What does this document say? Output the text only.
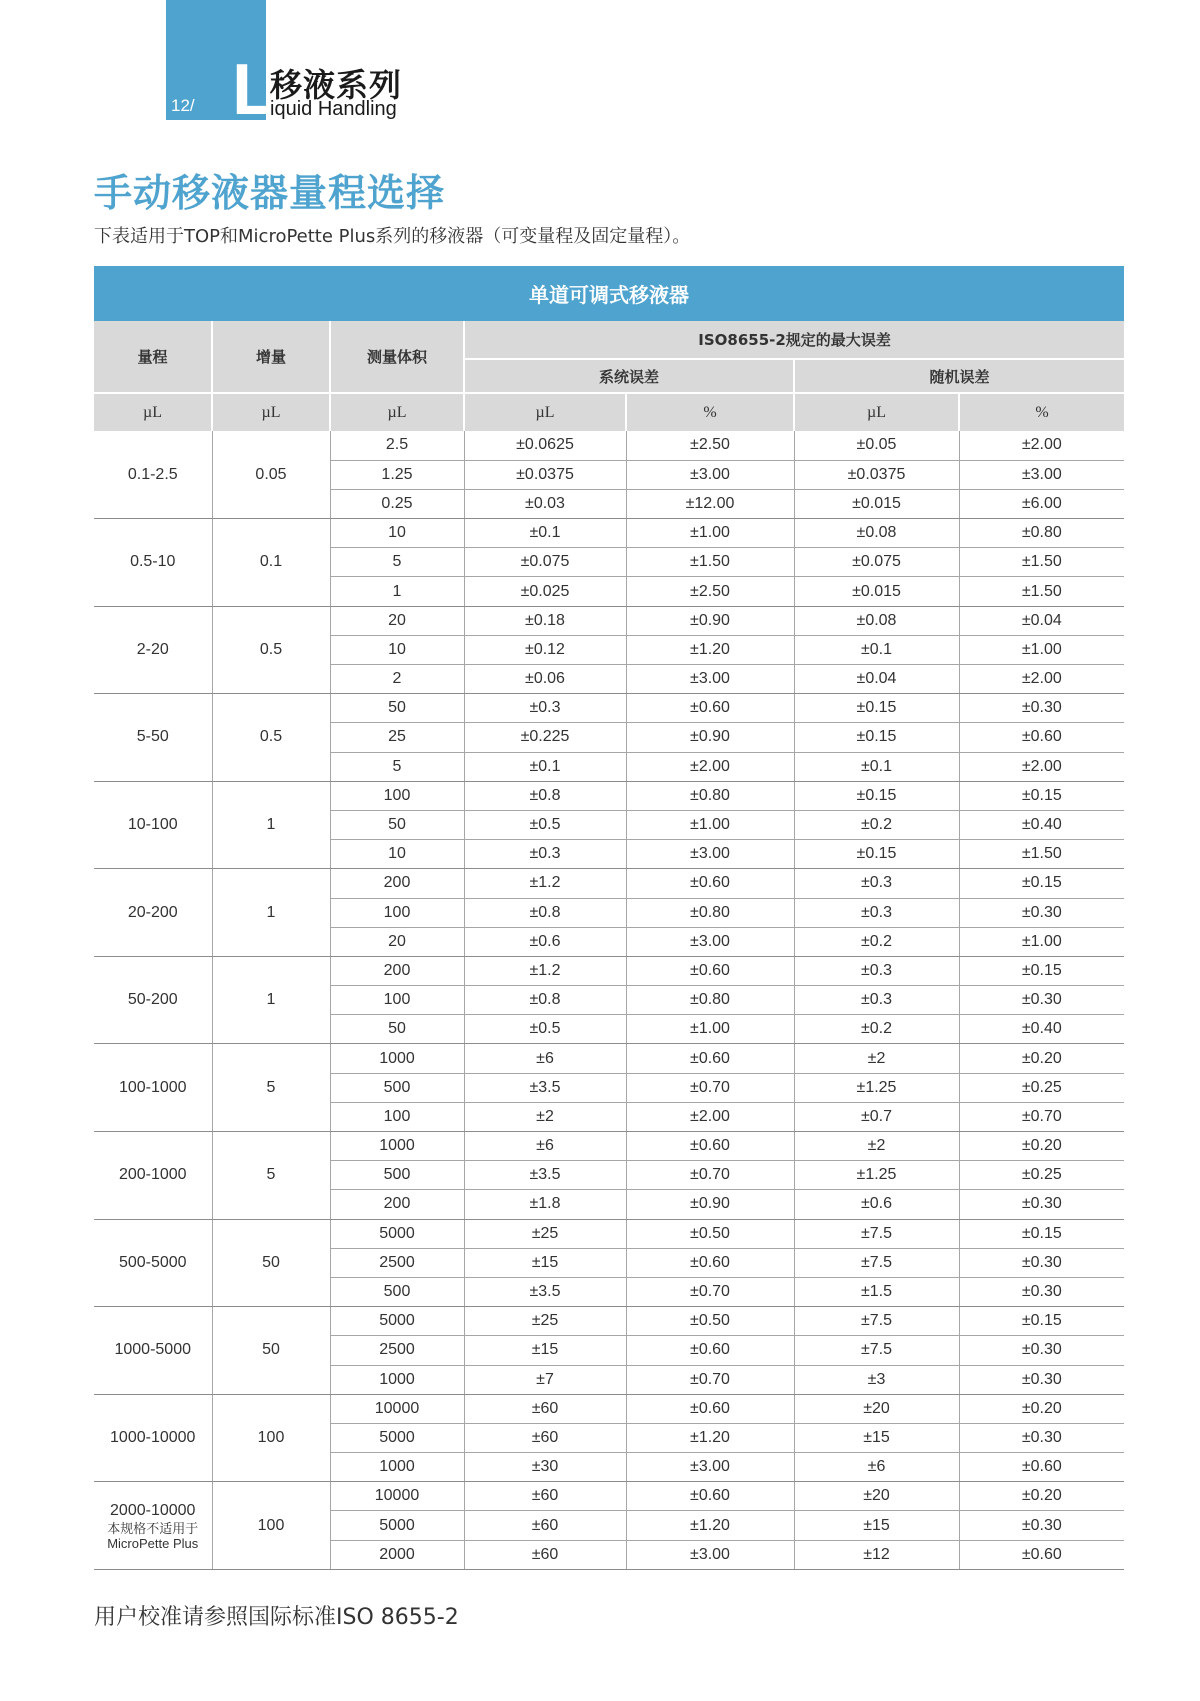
12/ L
移液系列
iquid Handling
手动移液器量程选择

下表适用于TOP和MicroPette Plus系列的移液器（可变量程及固定量程）。

单道可调式移液器						
量程	增量	测量体积	ISO8655-2规定的最大误差			
			系统误差		随机误差	
µL	µL	µL	µL	%	µL	%
0.1-2.5	0.05	2.5	±0.0625	±2.50	±0.05	±2.00
		1.25	±0.0375	±3.00	±0.0375	±3.00
		0.25	±0.03	±12.00	±0.015	±6.00
0.5-10	0.1	10	±0.1	±1.00	±0.08	±0.80
		5	±0.075	±1.50	±0.075	±1.50
		1	±0.025	±2.50	±0.015	±1.50
2-20	0.5	20	±0.18	±0.90	±0.08	±0.04
		10	±0.12	±1.20	±0.1	±1.00
		2	±0.06	±3.00	±0.04	±2.00
5-50	0.5	50	±0.3	±0.60	±0.15	±0.30
		25	±0.225	±0.90	±0.15	±0.60
		5	±0.1	±2.00	±0.1	±2.00
10-100	1	100	±0.8	±0.80	±0.15	±0.15
		50	±0.5	±1.00	±0.2	±0.40
		10	±0.3	±3.00	±0.15	±1.50
20-200	1	200	±1.2	±0.60	±0.3	±0.15
		100	±0.8	±0.80	±0.3	±0.30
		20	±0.6	±3.00	±0.2	±1.00
50-200	1	200	±1.2	±0.60	±0.3	±0.15
		100	±0.8	±0.80	±0.3	±0.30
		50	±0.5	±1.00	±0.2	±0.40
100-1000	5	1000	±6	±0.60	±2	±0.20
		500	±3.5	±0.70	±1.25	±0.25
		100	±2	±2.00	±0.7	±0.70
200-1000	5	1000	±6	±0.60	±2	±0.20
		500	±3.5	±0.70	±1.25	±0.25
		200	±1.8	±0.90	±0.6	±0.30
500-5000	50	5000	±25	±0.50	±7.5	±0.15
		2500	±15	±0.60	±7.5	±0.30
		500	±3.5	±0.70	±1.5	±0.30
1000-5000	50	5000	±25	±0.50	±7.5	±0.15
		2500	±15	±0.60	±7.5	±0.30
		1000	±7	±0.70	±3	±0.30
1000-10000	100	10000	±60	±0.60	±20	±0.20
		5000	±60	±1.20	±15	±0.30
		1000	±30	±3.00	±6	±0.60

2000-10000
本规格不适用于
MicroPette Plus	100	10000	±60	±0.60	±20	±0.20
		5000	±60	±1.20	±15	±0.30
		2000	±60	±3.00	±12	±0.60
用户校准请参照国际标准ISO 8655-2
